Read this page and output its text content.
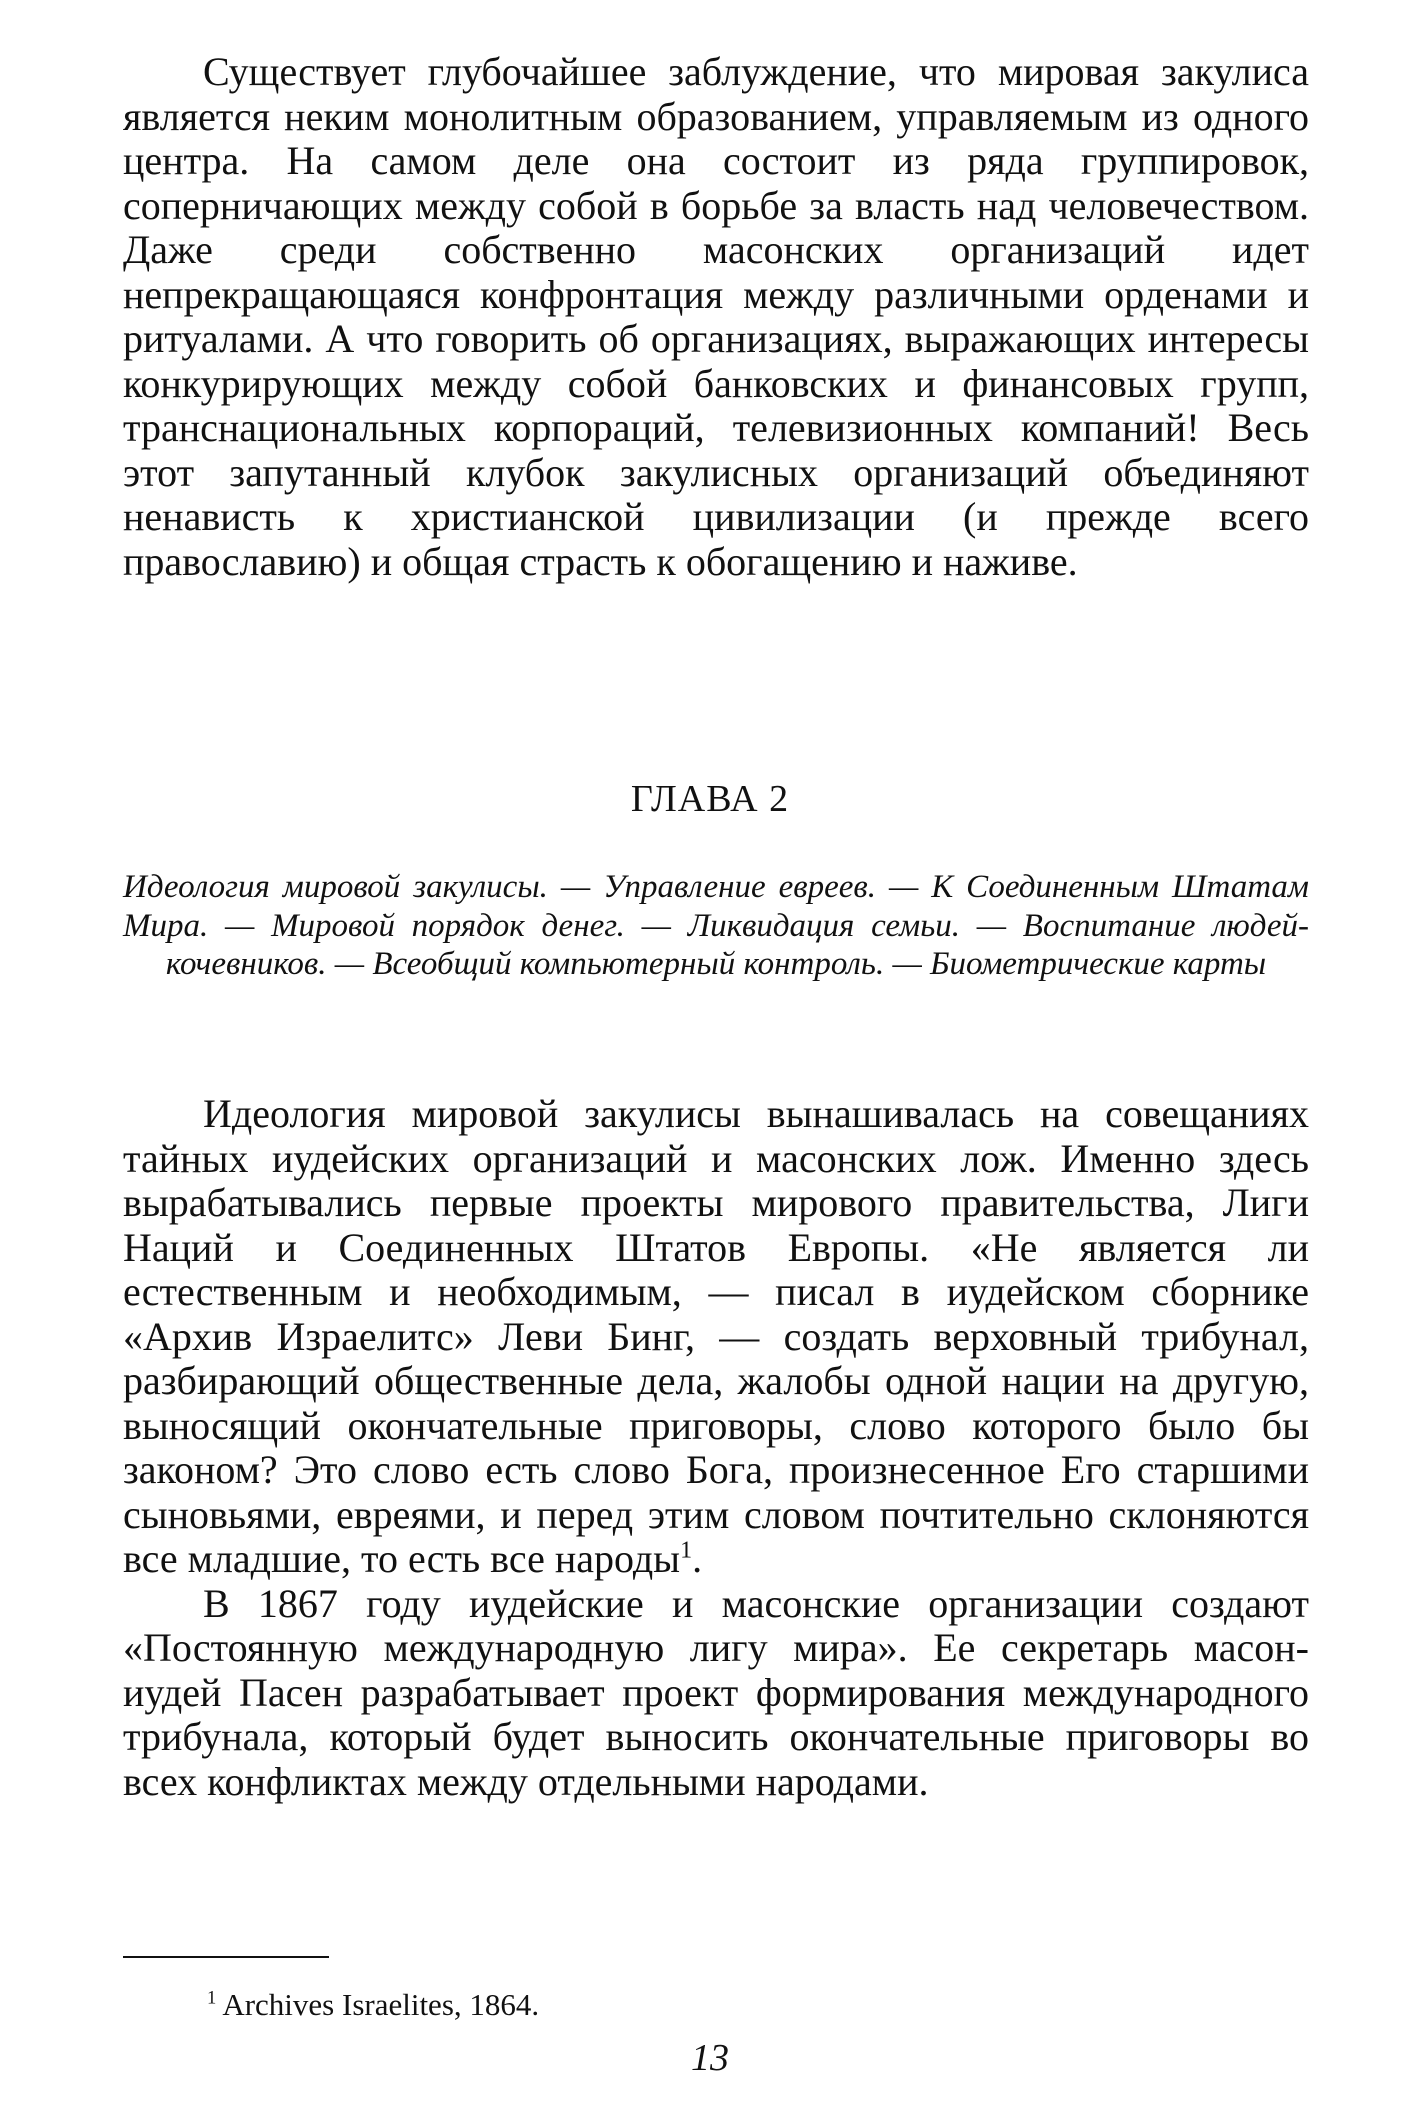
Существует глубочайшее заблуждение, что мировая закулиса является неким монолитным образованием, управляемым из одного центра. На самом деле она состоит из ряда группировок, соперничающих между собой в борьбе за власть над человечеством. Даже среди собственно масонских организаций идет непрекращающаяся конфронтация между различными орденами и ритуалами. А что говорить об организациях, выражающих интересы конкурирующих между собой банковских и финансовых групп, транснациональных корпораций, телевизионных компаний! Весь этот запутанный клубок закулисных организаций объединяют ненависть к христианской цивилизации (и прежде всего православию) и общая страсть к обогащению и наживе.

ГЛАВА 2
Идеология мировой закулисы. — Управление евреев. — К Соединенным Штатам Мира. — Мировой порядок денег. — Ликвидация семьи. — Воспитание людей-кочевников. — Всеобщий компьютерный контроль. — Биометрические карты

Идеология мировой закулисы вынашивалась на совещаниях тайных иудейских организаций и масонских лож. Именно здесь вырабатывались первые проекты мирового правительства, Лиги Наций и Соединенных Штатов Европы. «Не является ли естественным и необходимым, — писал в иудейском сборнике «Архив Израелитс» Леви Бинг, — создать верховный трибунал, разбирающий общественные дела, жалобы одной нации на другую, выносящий окончательные приговоры, слово которого было бы законом? Это слово есть слово Бога, произнесенное Его старшими сыновьями, евреями, и перед этим словом почтительно склоняются все младшие, то есть все народы$^1$.

В 1867 году иудейские и масонские организации создают «Постоянную международную лигу мира». Ее секретарь масон-иудей Пасен разрабатывает проект формирования международного трибунала, который будет выносить окончательные приговоры во всех конфликтах между отдельными народами.

$^1$ Archives Israelites, 1864.
13
